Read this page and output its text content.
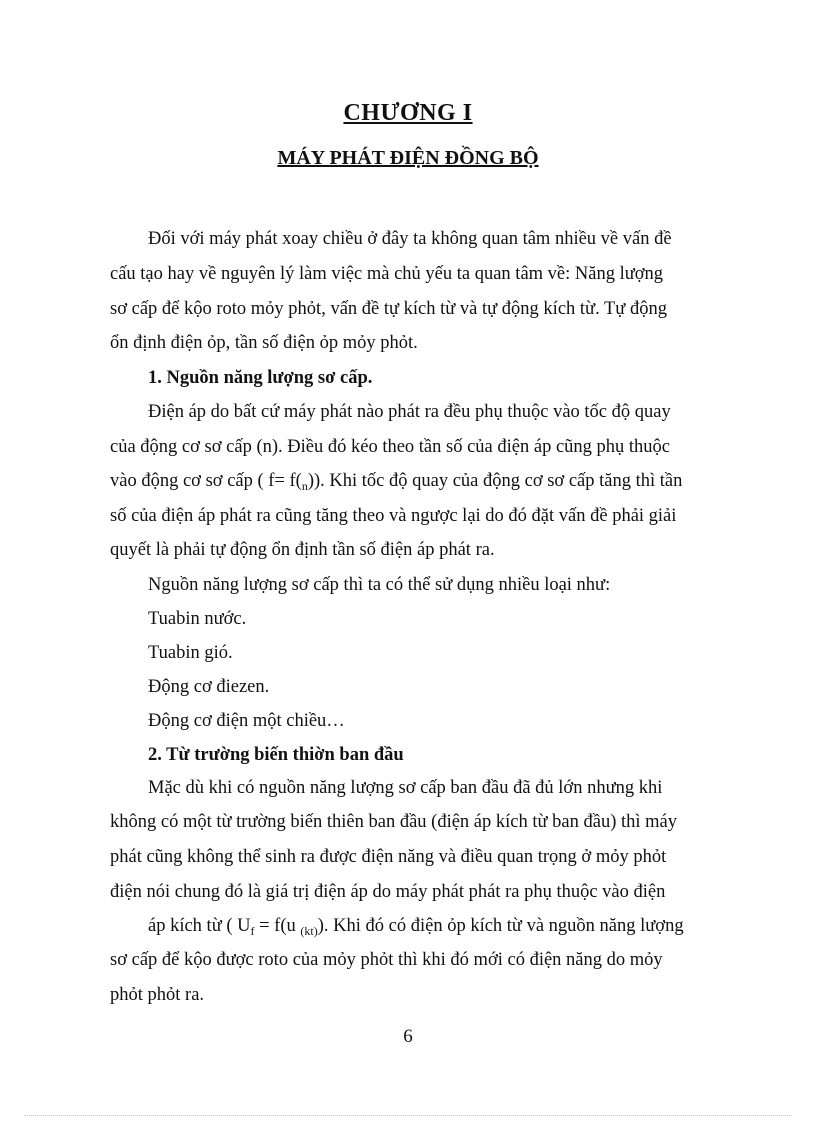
CHƯƠNG I
MÁY PHÁT ĐIỆN ĐỒNG BỘ

Đối với máy phát xoay chiều ở đây ta không quan tâm nhiều về vấn đề

cấu tạo hay về nguyên lý làm việc mà chủ yếu ta quan tâm về: Năng lượng

sơ cấp để kộo roto mỏy phỏt, vấn đề tự kích từ và tự động kích từ. Tự động

ổn định điện ỏp, tần số điện ỏp mỏy phỏt.

1. Nguồn năng lượng sơ cấp.

Điện áp do bất cứ máy phát nào phát ra đều phụ thuộc vào tốc độ quay

của động cơ sơ cấp (n). Điều đó kéo theo tần số của điện áp cũng phụ thuộc

vào động cơ sơ cấp ( $f= f(_n)$). Khi tốc độ quay của động cơ sơ cấp tăng thì tần

số của điện áp phát ra cũng tăng theo và ngược lại do đó đặt vấn đề phải giải

quyết là phải tự động ổn định tần số điện áp phát ra.

Nguồn năng lượng sơ cấp thì ta có thể sử dụng nhiều loại như:

Tuabin nước.

Tuabin gió.

Động cơ điezen.

Động cơ điện một chiều…

2. Từ trường biến thiờn ban đầu

Mặc dù khi có nguồn năng lượng sơ cấp ban đầu đã đủ lớn nhưng khi

không có một từ trường biến thiên ban đầu (điện áp kích từ ban đầu) thì máy

phát cũng không thể sinh ra được điện năng và điều quan trọng ở mỏy phỏt

điện nói chung đó là giá trị điện áp do máy phát phát ra phụ thuộc vào điện

áp kích từ ( $U_f = f(u$ $_{(kt)}$). Khi đó có điện ỏp kích từ và nguồn năng lượng

sơ cấp để kộo được roto của mỏy phỏt thì khi đó mới có điện năng do mỏy

phỏt phỏt ra.

6
